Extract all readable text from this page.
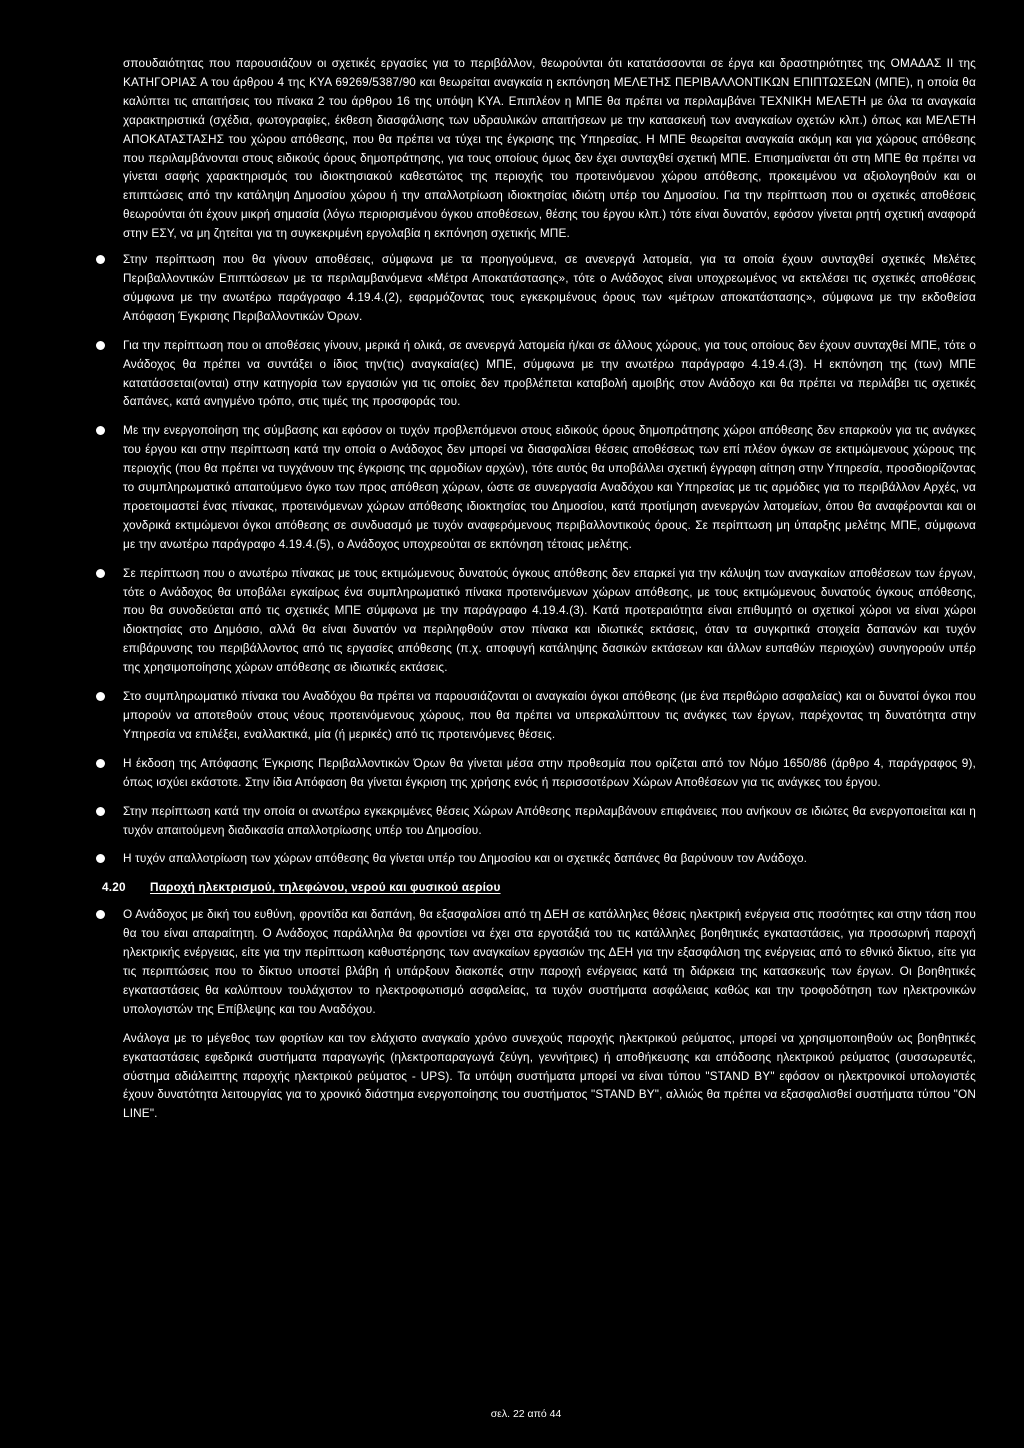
σπουδαιότητας που παρουσιάζουν οι σχετικές εργασίες για το περιβάλλον, θεωρούνται ότι κατατάσσονται σε έργα και δραστηριότητες της ΟΜΑΔΑΣ ΙΙ της ΚΑΤΗΓΟΡΙΑΣ Α του άρθρου 4 της ΚΥΑ 69269/5387/90 και θεωρείται αναγκαία η εκπόνηση ΜΕΛΕΤΗΣ ΠΕΡΙΒΑΛΛΟΝΤΙΚΩΝ ΕΠΙΠΤΩΣΕΩΝ (ΜΠΕ), η οποία θα καλύπτει τις απαιτήσεις του πίνακα 2 του άρθρου 16 της υπόψη ΚΥΑ. Επιπλέον η ΜΠΕ θα πρέπει να περιλαμβάνει ΤΕΧΝΙΚΗ ΜΕΛΕΤΗ με όλα τα αναγκαία χαρακτηριστικά (σχέδια, φωτογραφίες, έκθεση διασφάλισης των υδραυλικών απαιτήσεων με την κατασκευή των αναγκαίων οχετών κλπ.) όπως και ΜΕΛΕΤΗ ΑΠΟΚΑΤΑΣΤΑΣΗΣ του χώρου απόθεσης, που θα πρέπει να τύχει της έγκρισης της Υπηρεσίας. Η ΜΠΕ θεωρείται αναγκαία ακόμη και για χώρους απόθεσης που περιλαμβάνονται στους ειδικούς όρους δημοπράτησης, για τους οποίους όμως δεν έχει συνταχθεί σχετική ΜΠΕ. Επισημαίνεται ότι στη ΜΠΕ θα πρέπει να γίνεται σαφής χαρακτηρισμός του ιδιοκτησιακού καθεστώτος της περιοχής του προτεινόμενου χώρου απόθεσης, προκειμένου να αξιολογηθούν και οι επιπτώσεις από την κατάληψη Δημοσίου χώρου ή την απαλλοτρίωση ιδιοκτησίας ιδιώτη υπέρ του Δημοσίου. Για την περίπτωση που οι σχετικές αποθέσεις θεωρούνται ότι έχουν μικρή σημασία (λόγω περιορισμένου όγκου αποθέσεων, θέσης του έργου κλπ.) τότε είναι δυνατόν, εφόσον γίνεται ρητή σχετική αναφορά στην ΕΣΥ, να μη ζητείται για τη συγκεκριμένη εργολαβία η εκπόνηση σχετικής ΜΠΕ.

Στην περίπτωση που θα γίνουν αποθέσεις, σύμφωνα με τα προηγούμενα, σε ανενεργά λατομεία, για τα οποία έχουν συνταχθεί σχετικές Μελέτες Περιβαλλοντικών Επιπτώσεων με τα περιλαμβανόμενα «Μέτρα Αποκατάστασης», τότε ο Ανάδοχος είναι υποχρεωμένος να εκτελέσει τις σχετικές αποθέσεις σύμφωνα με την ανωτέρω παράγραφο 4.19.4.(2), εφαρμόζοντας τους εγκεκριμένους όρους των «μέτρων αποκατάστασης», σύμφωνα με την εκδοθείσα Απόφαση Έγκρισης Περιβαλλοντικών Όρων.

Για την περίπτωση που οι αποθέσεις γίνουν, μερικά ή ολικά, σε ανενεργά λατομεία ή/και σε άλλους χώρους, για τους οποίους δεν έχουν συνταχθεί ΜΠΕ, τότε ο Ανάδοχος θα πρέπει να συντάξει ο ίδιος την(τις) αναγκαία(ες) ΜΠΕ, σύμφωνα με την ανωτέρω παράγραφο 4.19.4.(3). Η εκπόνηση της (των) ΜΠΕ κατατάσσεται(ονται) στην κατηγορία των εργασιών για τις οποίες δεν προβλέπεται καταβολή αμοιβής στον Ανάδοχο και θα πρέπει να περιλάβει τις σχετικές δαπάνες, κατά ανηγμένο τρόπο, στις τιμές της προσφοράς του.

Με την ενεργοποίηση της σύμβασης και εφόσον οι τυχόν προβλεπόμενοι στους ειδικούς όρους δημοπράτησης χώροι απόθεσης δεν επαρκούν για τις ανάγκες του έργου και στην περίπτωση κατά την οποία ο Ανάδοχος δεν μπορεί να διασφαλίσει θέσεις αποθέσεως των επί πλέον όγκων σε εκτιμώμενους χώρους της περιοχής (που θα πρέπει να τυγχάνουν της έγκρισης της αρμοδίων αρχών), τότε αυτός θα υποβάλλει σχετική έγγραφη αίτηση στην Υπηρεσία, προσδιορίζοντας το συμπληρωματικό απαιτούμενο όγκο των προς απόθεση χώρων, ώστε σε συνεργασία Αναδόχου και Υπηρεσίας με τις αρμόδιες για το περιβάλλον Αρχές, να προετοιμαστεί ένας πίνακας, προτεινόμενων χώρων απόθεσης ιδιοκτησίας του Δημοσίου, κατά προτίμηση ανενεργών λατομείων, όπου θα αναφέρονται και οι χονδρικά εκτιμώμενοι όγκοι απόθεσης σε συνδυασμό με τυχόν αναφερόμενους περιβαλλοντικούς όρους. Σε περίπτωση μη ύπαρξης μελέτης ΜΠΕ, σύμφωνα με την ανωτέρω παράγραφο 4.19.4.(5), ο Ανάδοχος υποχρεούται σε εκπόνηση τέτοιας μελέτης.

Σε περίπτωση που ο ανωτέρω πίνακας με τους εκτιμώμενους δυνατούς όγκους απόθεσης δεν επαρκεί για την κάλυψη των αναγκαίων αποθέσεων των έργων, τότε ο Ανάδοχος θα υποβάλει εγκαίρως ένα συμπληρωματικό πίνακα προτεινόμενων χώρων απόθεσης, με τους εκτιμώμενους δυνατούς όγκους απόθεσης, που θα συνοδεύεται από τις σχετικές ΜΠΕ σύμφωνα με την παράγραφο 4.19.4.(3). Κατά προτεραιότητα είναι επιθυμητό οι σχετικοί χώροι να είναι χώροι ιδιοκτησίας στο Δημόσιο, αλλά θα είναι δυνατόν να περιληφθούν στον πίνακα και ιδιωτικές εκτάσεις, όταν τα συγκριτικά στοιχεία δαπανών και τυχόν επιβάρυνσης του περιβάλλοντος από τις εργασίες απόθεσης (π.χ. αποφυγή κατάληψης δασικών εκτάσεων και άλλων ευπαθών περιοχών) συνηγορούν υπέρ της χρησιμοποίησης χώρων απόθεσης σε ιδιωτικές εκτάσεις.

Στο συμπληρωματικό πίνακα του Αναδόχου θα πρέπει να παρουσιάζονται οι αναγκαίοι όγκοι απόθεσης (με ένα περιθώριο ασφαλείας) και οι δυνατοί όγκοι που μπορούν να αποτεθούν στους νέους προτεινόμενους χώρους, που θα πρέπει να υπερκαλύπτουν τις ανάγκες των έργων, παρέχοντας τη δυνατότητα στην Υπηρεσία να επιλέξει, εναλλακτικά, μία (ή μερικές) από τις προτεινόμενες θέσεις.

Η έκδοση της Απόφασης Έγκρισης Περιβαλλοντικών Όρων θα γίνεται μέσα στην προθεσμία που ορίζεται από τον Νόμο 1650/86 (άρθρο 4, παράγραφος 9), όπως ισχύει εκάστοτε. Στην ίδια Απόφαση θα γίνεται έγκριση της χρήσης ενός ή περισσοτέρων Χώρων Αποθέσεων για τις ανάγκες του έργου.

Στην περίπτωση κατά την οποία οι ανωτέρω εγκεκριμένες θέσεις Χώρων Απόθεσης περιλαμβάνουν επιφάνειες που ανήκουν σε ιδιώτες θα ενεργοποιείται και η τυχόν απαιτούμενη διαδικασία απαλλοτρίωσης υπέρ του Δημοσίου.

Η τυχόν απαλλοτρίωση των χώρων απόθεσης θα γίνεται υπέρ του Δημοσίου και οι σχετικές δαπάνες θα βαρύνουν τον Ανάδοχο.

4.20	Παροχή ηλεκτρισμού, τηλεφώνου, νερού και φυσικού αερίου

Ο Ανάδοχος με δική του ευθύνη, φροντίδα και δαπάνη, θα εξασφαλίσει από τη ΔΕΗ σε κατάλληλες θέσεις ηλεκτρική ενέργεια στις ποσότητες και στην τάση που θα του είναι απαραίτητη. Ο Ανάδοχος παράλληλα θα φροντίσει να έχει στα εργοτάξιά του τις κατάλληλες βοηθητικές εγκαταστάσεις, για προσωρινή παροχή ηλεκτρικής ενέργειας, είτε για την περίπτωση καθυστέρησης των αναγκαίων εργασιών της ΔΕΗ για την εξασφάλιση της ενέργειας από το εθνικό δίκτυο, είτε για τις περιπτώσεις που το δίκτυο υποστεί βλάβη ή υπάρξουν διακοπές στην παροχή ενέργειας κατά τη διάρκεια της κατασκευής των έργων. Οι βοηθητικές εγκαταστάσεις θα καλύπτουν τουλάχιστον το ηλεκτροφωτισμό ασφαλείας, τα τυχόν συστήματα ασφάλειας καθώς και την τροφοδότηση των ηλεκτρονικών υπολογιστών της Επίβλεψης και του Αναδόχου.

Ανάλογα με το μέγεθος των φορτίων και τον ελάχιστο αναγκαίο χρόνο συνεχούς παροχής ηλεκτρικού ρεύματος, μπορεί να χρησιμοποιηθούν ως βοηθητικές εγκαταστάσεις εφεδρικά συστήματα παραγωγής (ηλεκτροπαραγωγά ζεύγη, γεννήτριες) ή αποθήκευσης και απόδοσης ηλεκτρικού ρεύματος (συσσωρευτές, σύστημα αδιάλειπτης παροχής ηλεκτρικού ρεύματος - UPS). Τα υπόψη συστήματα μπορεί να είναι τύπου "STAND BY" εφόσον οι ηλεκτρονικοί υπολογιστές έχουν δυνατότητα λειτουργίας για το χρονικό διάστημα ενεργοποίησης του συστήματος "STAND BY", αλλιώς θα πρέπει να εξασφαλισθεί συστήματα τύπου "ON LINE".

σελ. 22 από 44
